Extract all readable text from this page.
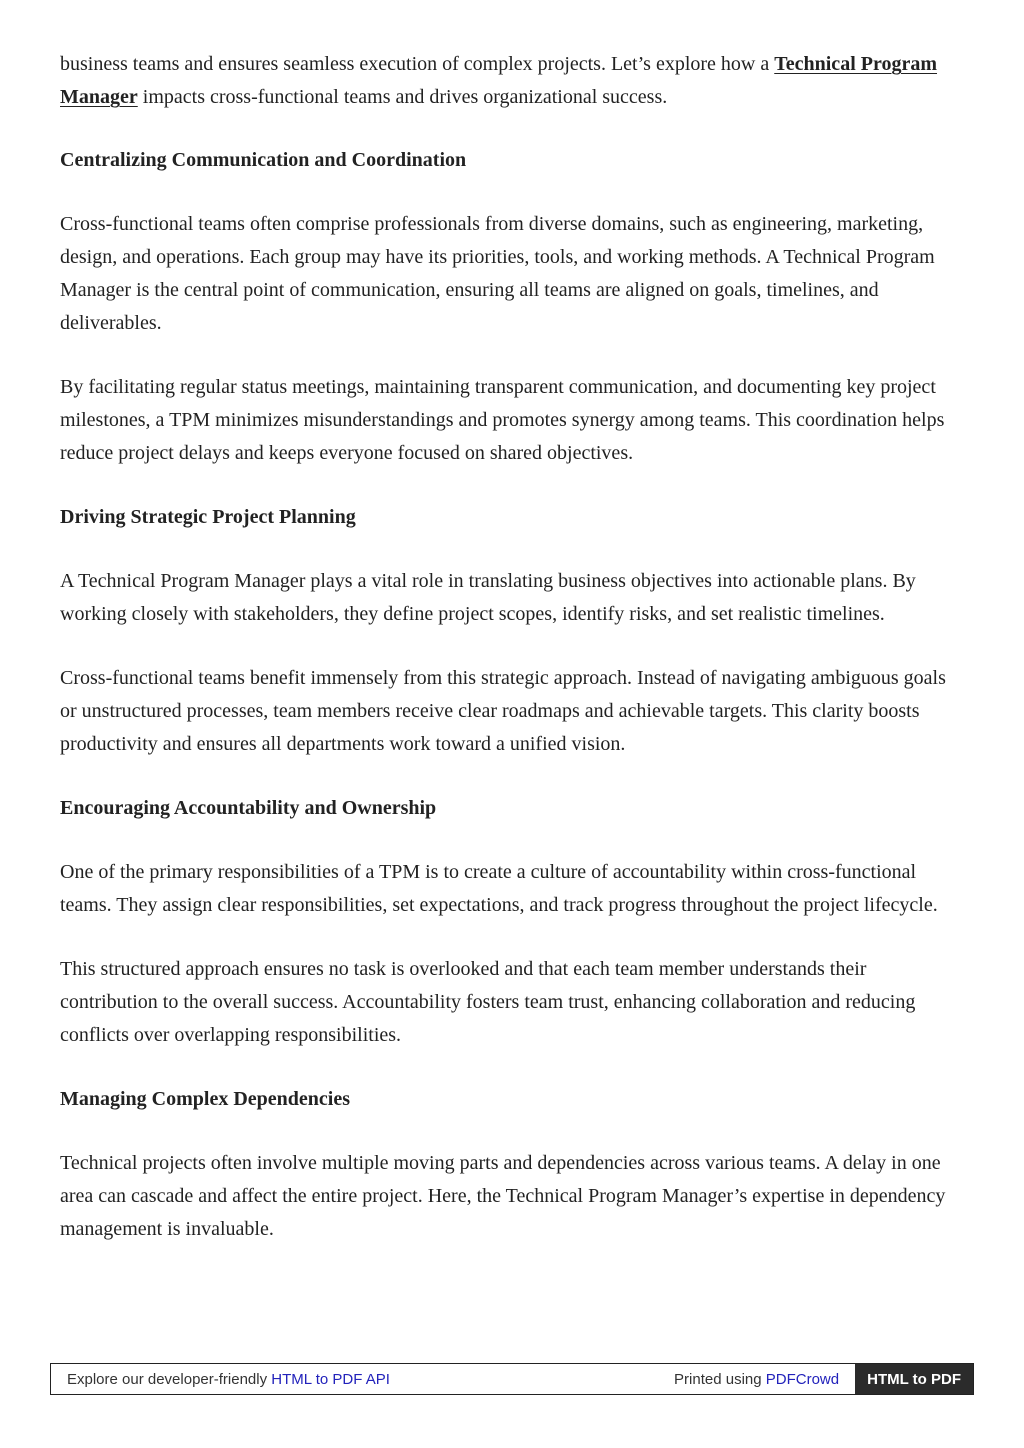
business teams and ensures seamless execution of complex projects. Let’s explore how a Technical Program Manager impacts cross-functional teams and drives organizational success.

Centralizing Communication and Coordination

Cross-functional teams often comprise professionals from diverse domains, such as engineering, marketing, design, and operations. Each group may have its priorities, tools, and working methods. A Technical Program Manager is the central point of communication, ensuring all teams are aligned on goals, timelines, and deliverables.

By facilitating regular status meetings, maintaining transparent communication, and documenting key project milestones, a TPM minimizes misunderstandings and promotes synergy among teams. This coordination helps reduce project delays and keeps everyone focused on shared objectives.

Driving Strategic Project Planning

A Technical Program Manager plays a vital role in translating business objectives into actionable plans. By working closely with stakeholders, they define project scopes, identify risks, and set realistic timelines.

Cross-functional teams benefit immensely from this strategic approach. Instead of navigating ambiguous goals or unstructured processes, team members receive clear roadmaps and achievable targets. This clarity boosts productivity and ensures all departments work toward a unified vision.

Encouraging Accountability and Ownership

One of the primary responsibilities of a TPM is to create a culture of accountability within cross-functional teams. They assign clear responsibilities, set expectations, and track progress throughout the project lifecycle.

This structured approach ensures no task is overlooked and that each team member understands their contribution to the overall success. Accountability fosters team trust, enhancing collaboration and reducing conflicts over overlapping responsibilities.

Managing Complex Dependencies

Technical projects often involve multiple moving parts and dependencies across various teams. A delay in one area can cascade and affect the entire project. Here, the Technical Program Manager’s expertise in dependency management is invaluable.

Explore our developer-friendly HTML to PDF API	Printed using PDFCrowd	HTML to PDF
